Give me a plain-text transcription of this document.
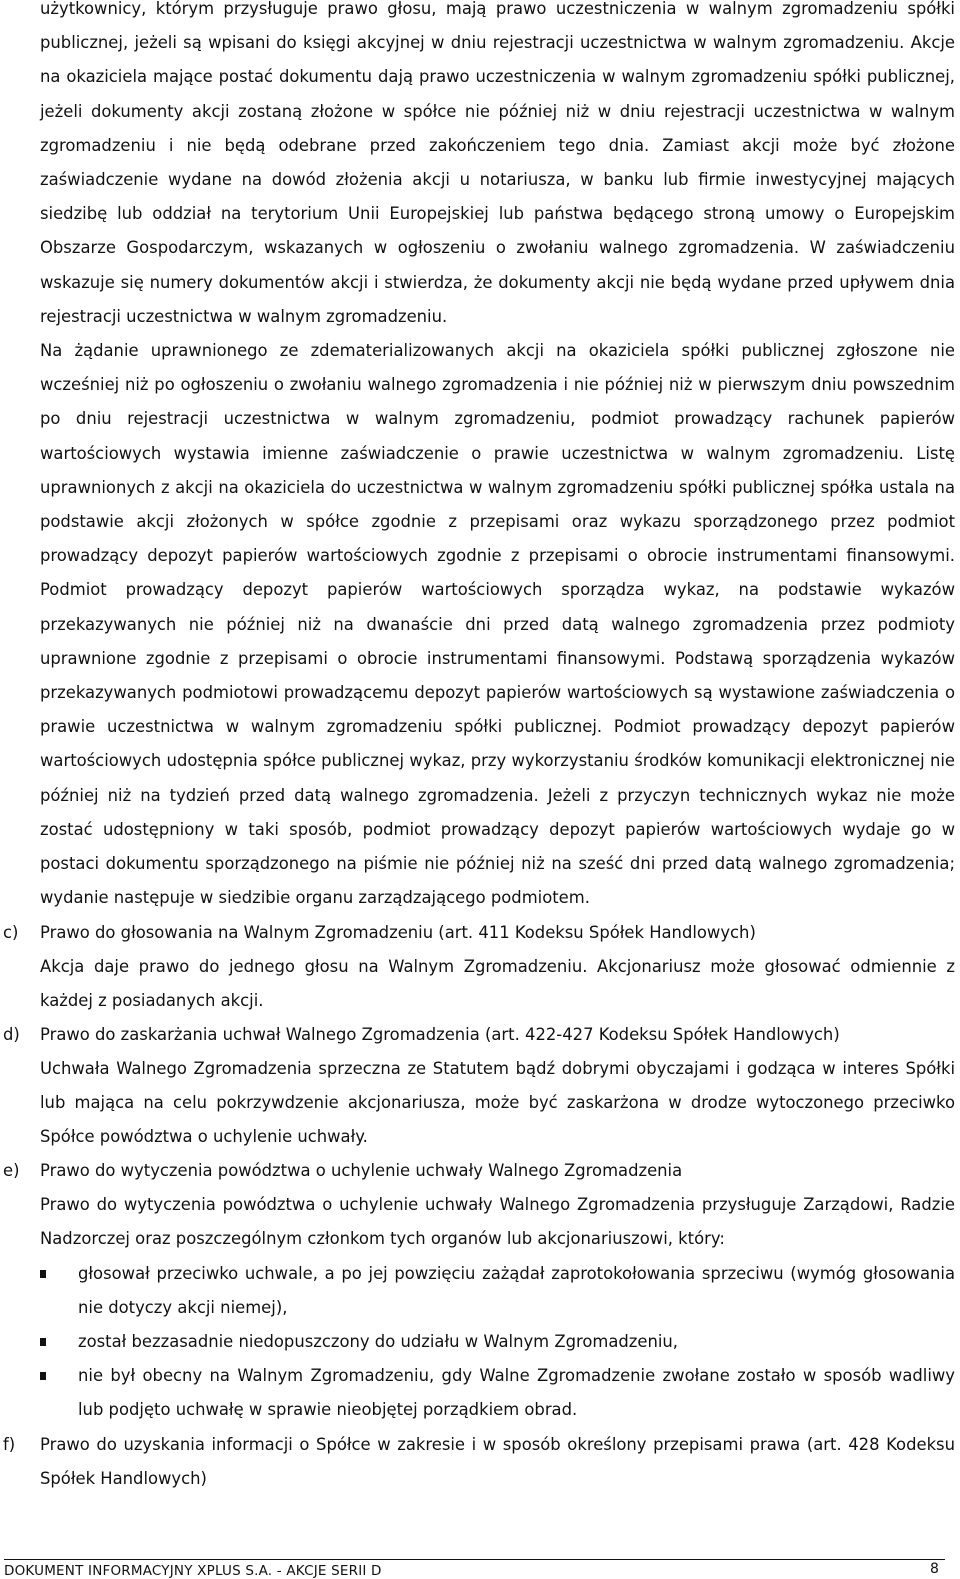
użytkownicy, którym przysługuje prawo głosu, mają prawo uczestniczenia w walnym zgromadzeniu spółki publicznej, jeżeli są wpisani do księgi akcyjnej w dniu rejestracji uczestnictwa w walnym zgromadzeniu. Akcje na okaziciela mające postać dokumentu dają prawo uczestniczenia w walnym zgromadzeniu spółki publicznej, jeżeli dokumenty akcji zostaną złożone w spółce nie później niż w dniu rejestracji uczestnictwa w walnym zgromadzeniu i nie będą odebrane przed zakończeniem tego dnia. Zamiast akcji może być złożone zaświadczenie wydane na dowód złożenia akcji u notariusza, w banku lub firmie inwestycyjnej mających siedzibę lub oddział na terytorium Unii Europejskiej lub państwa będącego stroną umowy o Europejskim Obszarze Gospodarczym, wskazanych w ogłoszeniu o zwołaniu walnego zgromadzenia. W zaświadczeniu wskazuje się numery dokumentów akcji i stwierdza, że dokumenty akcji nie będą wydane przed upływem dnia rejestracji uczestnictwa w walnym zgromadzeniu.
Na żądanie uprawnionego ze zdematerializowanych akcji na okaziciela spółki publicznej zgłoszone nie wcześniej niż po ogłoszeniu o zwołaniu walnego zgromadzenia i nie później niż w pierwszym dniu powszednim po dniu rejestracji uczestnictwa w walnym zgromadzeniu, podmiot prowadzący rachunek papierów wartościowych wystawia imienne zaświadczenie o prawie uczestnictwa w walnym zgromadzeniu. Listę uprawnionych z akcji na okaziciela do uczestnictwa w walnym zgromadzeniu spółki publicznej spółka ustala na podstawie akcji złożonych w spółce zgodnie z przepisami oraz wykazu sporządzonego przez podmiot prowadzący depozyt papierów wartościowych zgodnie z przepisami o obrocie instrumentami finansowymi. Podmiot prowadzący depozyt papierów wartościowych sporządza wykaz, na podstawie wykazów przekazywanych nie później niż na dwanaście dni przed datą walnego zgromadzenia przez podmioty uprawnione zgodnie z przepisami o obrocie instrumentami finansowymi. Podstawą sporządzenia wykazów przekazywanych podmiotowi prowadzącemu depozyt papierów wartościowych są wystawione zaświadczenia o prawie uczestnictwa w walnym zgromadzeniu spółki publicznej. Podmiot prowadzący depozyt papierów wartościowych udostępnia spółce publicznej wykaz, przy wykorzystaniu środków komunikacji elektronicznej nie później niż na tydzień przed datą walnego zgromadzenia. Jeżeli z przyczyn technicznych wykaz nie może zostać udostępniony w taki sposób, podmiot prowadzący depozyt papierów wartościowych wydaje go w postaci dokumentu sporządzonego na piśmie nie później niż na sześć dni przed datą walnego zgromadzenia; wydanie następuje w siedzibie organu zarządzającego podmiotem.
c) Prawo do głosowania na Walnym Zgromadzeniu (art. 411 Kodeksu Spółek Handlowych)
Akcja daje prawo do jednego głosu na Walnym Zgromadzeniu. Akcjonariusz może głosować odmiennie z każdej z posiadanych akcji.
d) Prawo do zaskarżania uchwał Walnego Zgromadzenia (art. 422-427 Kodeksu Spółek Handlowych)
Uchwała Walnego Zgromadzenia sprzeczna ze Statutem bądź dobrymi obyczajami i godząca w interes Spółki lub mająca na celu pokrzywdzenie akcjonariusza, może być zaskarżona w drodze wytoczonego przeciwko Spółce powództwa o uchylenie uchwały.
e) Prawo do wytyczenia powództwa o uchylenie uchwały Walnego Zgromadzenia
Prawo do wytyczenia powództwa o uchylenie uchwały Walnego Zgromadzenia przysługuje Zarządowi, Radzie Nadzorczej oraz poszczególnym członkom tych organów lub akcjonariuszowi, który:
głosował przeciwko uchwale, a po jej powzięciu zażądał zaprotokołowania sprzeciwu (wymóg głosowania nie dotyczy akcji niemej),
został bezzasadnie niedopuszczony do udziału w Walnym Zgromadzeniu,
nie był obecny na Walnym Zgromadzeniu, gdy Walne Zgromadzenie zwołane zostało w sposób wadliwy lub podjęto uchwałę w sprawie nieobjętej porządkiem obrad.
f) Prawo do uzyskania informacji o Spółce w zakresie i w sposób określony przepisami prawa (art. 428 Kodeksu Spółek Handlowych)
DOKUMENT INFORMACYJNY XPLUS S.A. - AKCJE SERII D	8
